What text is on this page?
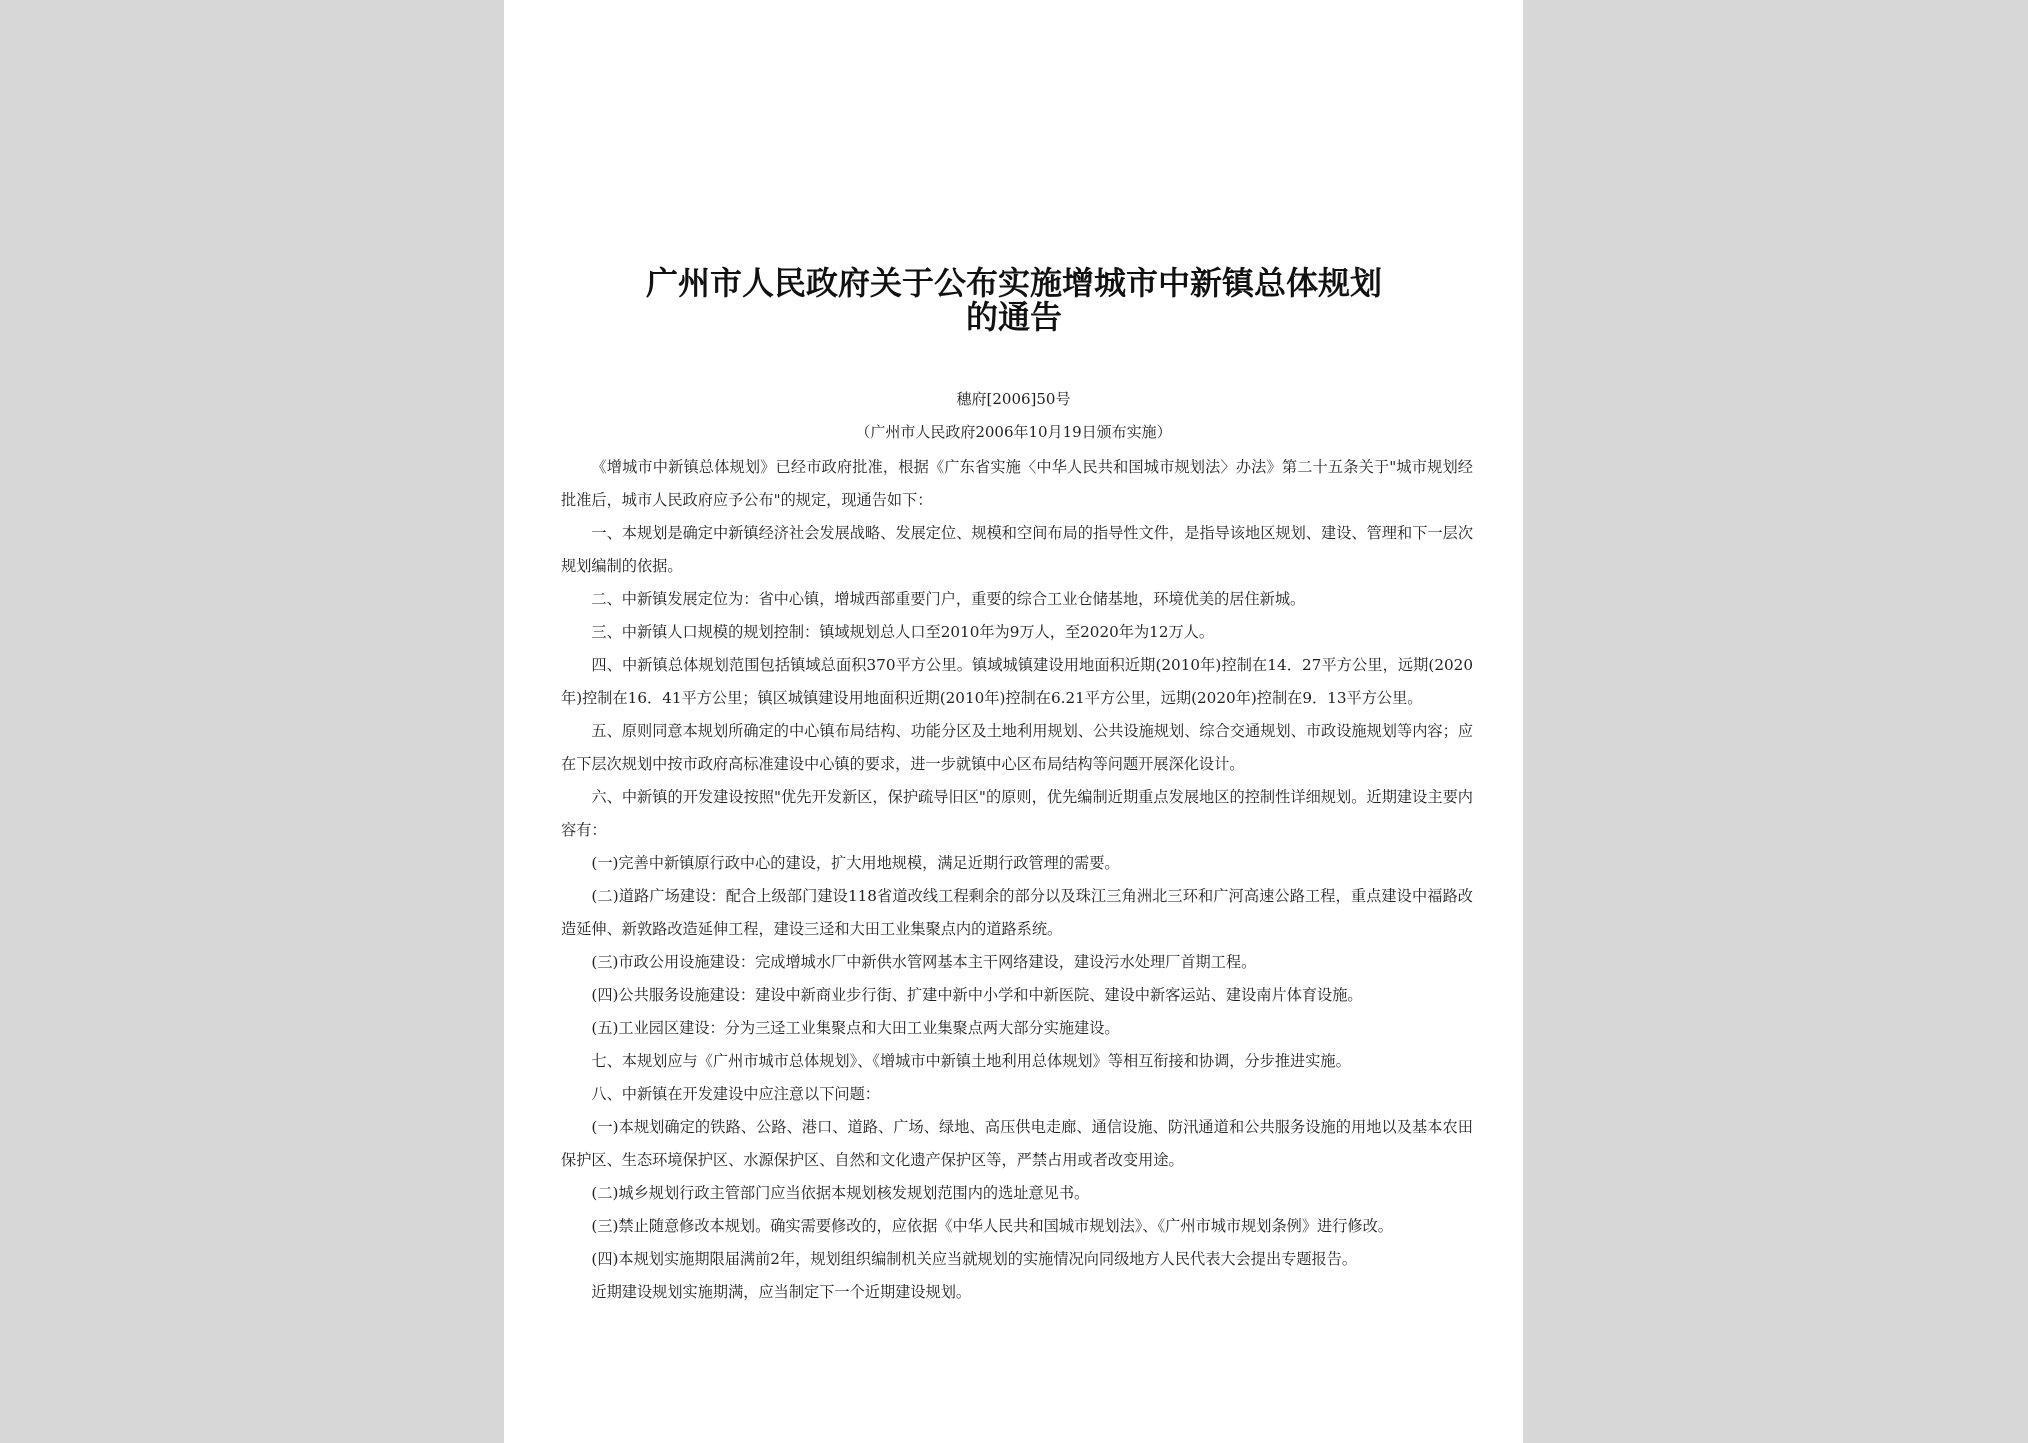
广州市人民政府关于公布实施增城市中新镇总体规划
的通告
穗府[2006]50号
（广州市人民政府2006年10月19日颁布实施）

《增城市中新镇总体规划》已经市政府批准，根据《广东省实施〈中华人民共和国城市规划法〉办法》第二十五条关于"城市规划经批准后，城市人民政府应予公布"的规定，现通告如下：

一、本规划是确定中新镇经济社会发展战略、发展定位、规模和空间布局的指导性文件，是指导该地区规划、建设、管理和下一层次规划编制的依据。

二、中新镇发展定位为：省中心镇，增城西部重要门户，重要的综合工业仓储基地，环境优美的居住新城。

三、中新镇人口规模的规划控制：镇域规划总人口至2010年为9万人，至2020年为12万人。

四、中新镇总体规划范围包括镇域总面积370平方公里。镇域城镇建设用地面积近期(2010年)控制在14．27平方公里，远期(2020年)控制在16．41平方公里；镇区城镇建设用地面积近期(2010年)控制在6.21平方公里，远期(2020年)控制在9．13平方公里。

五、原则同意本规划所确定的中心镇布局结构、功能分区及土地利用规划、公共设施规划、综合交通规划、市政设施规划等内容；应在下层次规划中按市政府高标准建设中心镇的要求，进一步就镇中心区布局结构等问题开展深化设计。

六、中新镇的开发建设按照"优先开发新区，保护疏导旧区"的原则，优先编制近期重点发展地区的控制性详细规划。近期建设主要内容有：

(一)完善中新镇原行政中心的建设，扩大用地规模，满足近期行政管理的需要。

(二)道路广场建设：配合上级部门建设118省道改线工程剩余的部分以及珠江三角洲北三环和广河高速公路工程，重点建设中福路改造延伸、新敦路改造延伸工程，建设三迳和大田工业集聚点内的道路系统。

(三)市政公用设施建设：完成增城水厂中新供水管网基本主干网络建设，建设污水处理厂首期工程。

(四)公共服务设施建设：建设中新商业步行街、扩建中新中小学和中新医院、建设中新客运站、建设南片体育设施。

(五)工业园区建设：分为三迳工业集聚点和大田工业集聚点两大部分实施建设。

七、本规划应与《广州市城市总体规划》、《增城市中新镇土地利用总体规划》等相互衔接和协调，分步推进实施。

八、中新镇在开发建设中应注意以下问题：

(一)本规划确定的铁路、公路、港口、道路、广场、绿地、高压供电走廊、通信设施、防汛通道和公共服务设施的用地以及基本农田保护区、生态环境保护区、水源保护区、自然和文化遗产保护区等，严禁占用或者改变用途。

(二)城乡规划行政主管部门应当依据本规划核发规划范围内的选址意见书。

(三)禁止随意修改本规划。确实需要修改的，应依据《中华人民共和国城市规划法》、《广州市城市规划条例》进行修改。

(四)本规划实施期限届满前2年，规划组织编制机关应当就规划的实施情况向同级地方人民代表大会提出专题报告。

近期建设规划实施期满，应当制定下一个近期建设规划。
